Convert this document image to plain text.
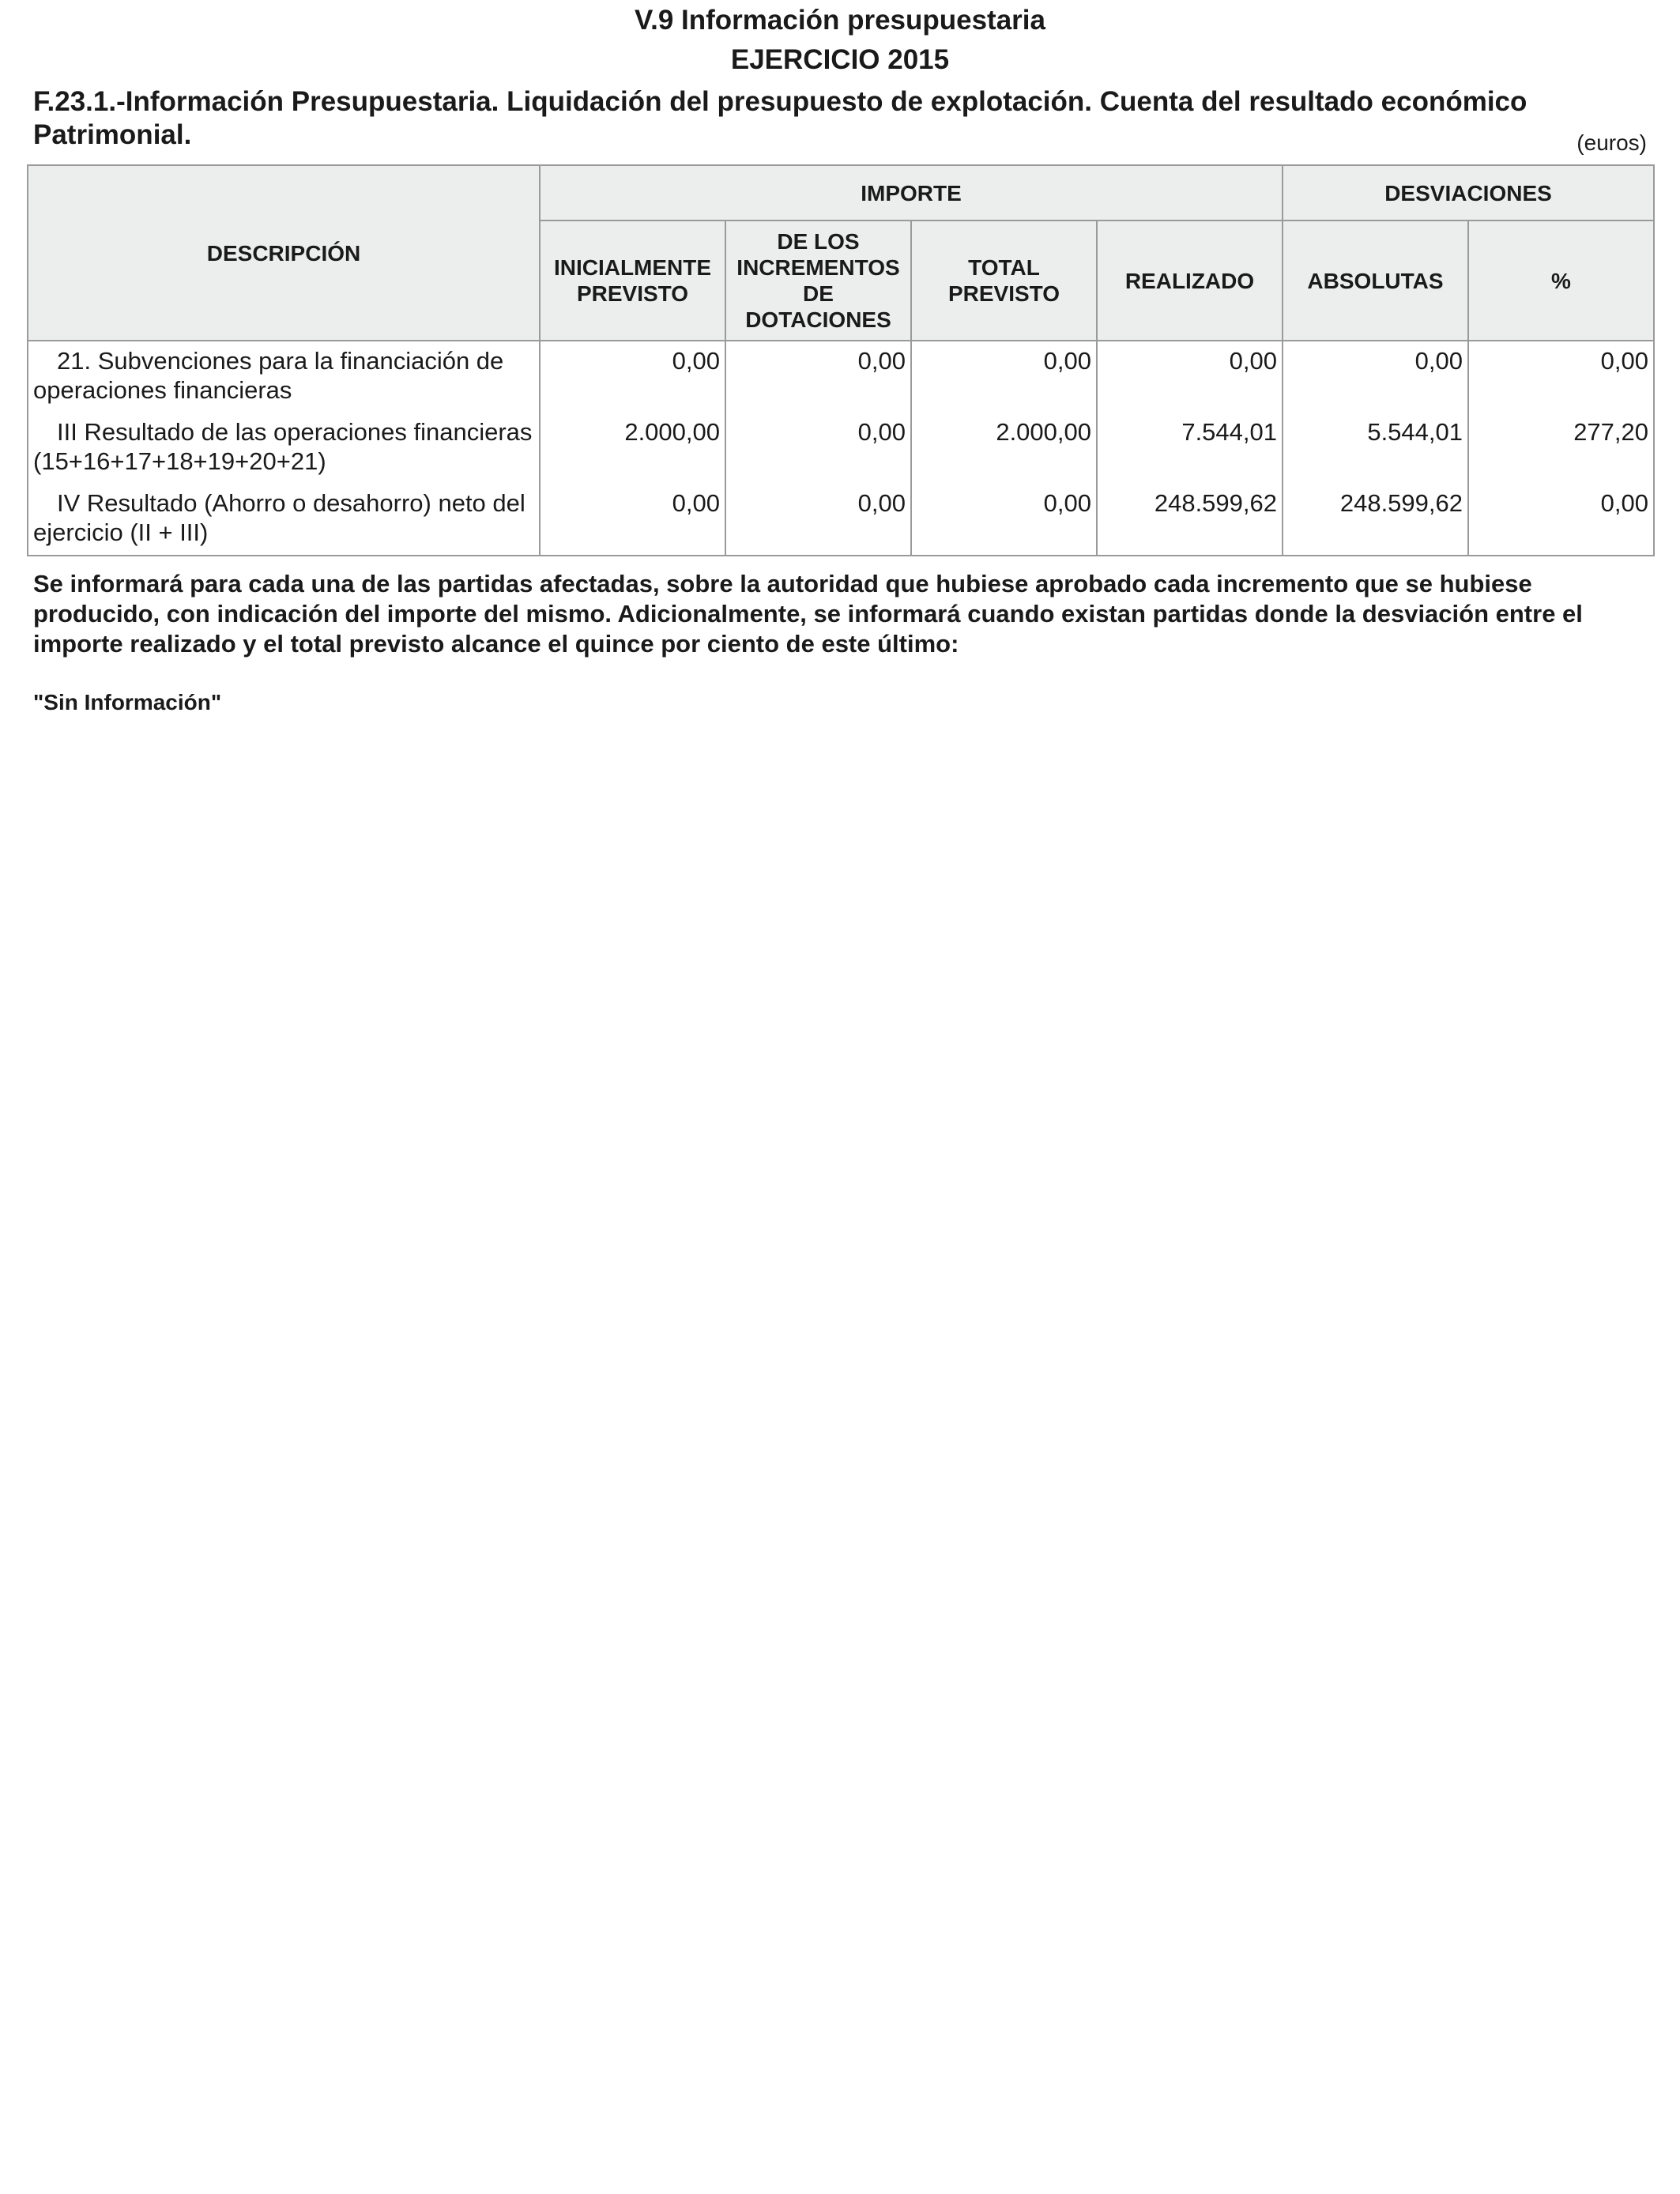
V.9 Información presupuestaria
EJERCICIO 2015
F.23.1.-Información Presupuestaria. Liquidación del presupuesto de explotación. Cuenta del resultado económico Patrimonial.	(euros)
DESCRIPCIÓN	IMPORTE				DESVIACIONES	
	INICIALMENTE PREVISTO	DE LOS INCREMENTOS DE DOTACIONES	TOTAL PREVISTO	REALIZADO	ABSOLUTAS	%
21. Subvenciones para la financiación de operaciones financieras	0,00	0,00	0,00	0,00	0,00	0,00
III Resultado de las operaciones financieras (15+16+17+18+19+20+21)	2.000,00	0,00	2.000,00	7.544,01	5.544,01	277,20
IV Resultado (Ahorro o desahorro) neto del ejercicio (II + III)	0,00	0,00	0,00	248.599,62	248.599,62	0,00

Se informará para cada una de las partidas afectadas, sobre la autoridad que hubiese aprobado cada incremento que se hubiese producido, con indicación del importe del mismo. Adicionalmente, se informará cuando existan partidas donde la desviación entre el importe realizado y el total previsto alcance el quince por ciento de este último:

"Sin Información"
